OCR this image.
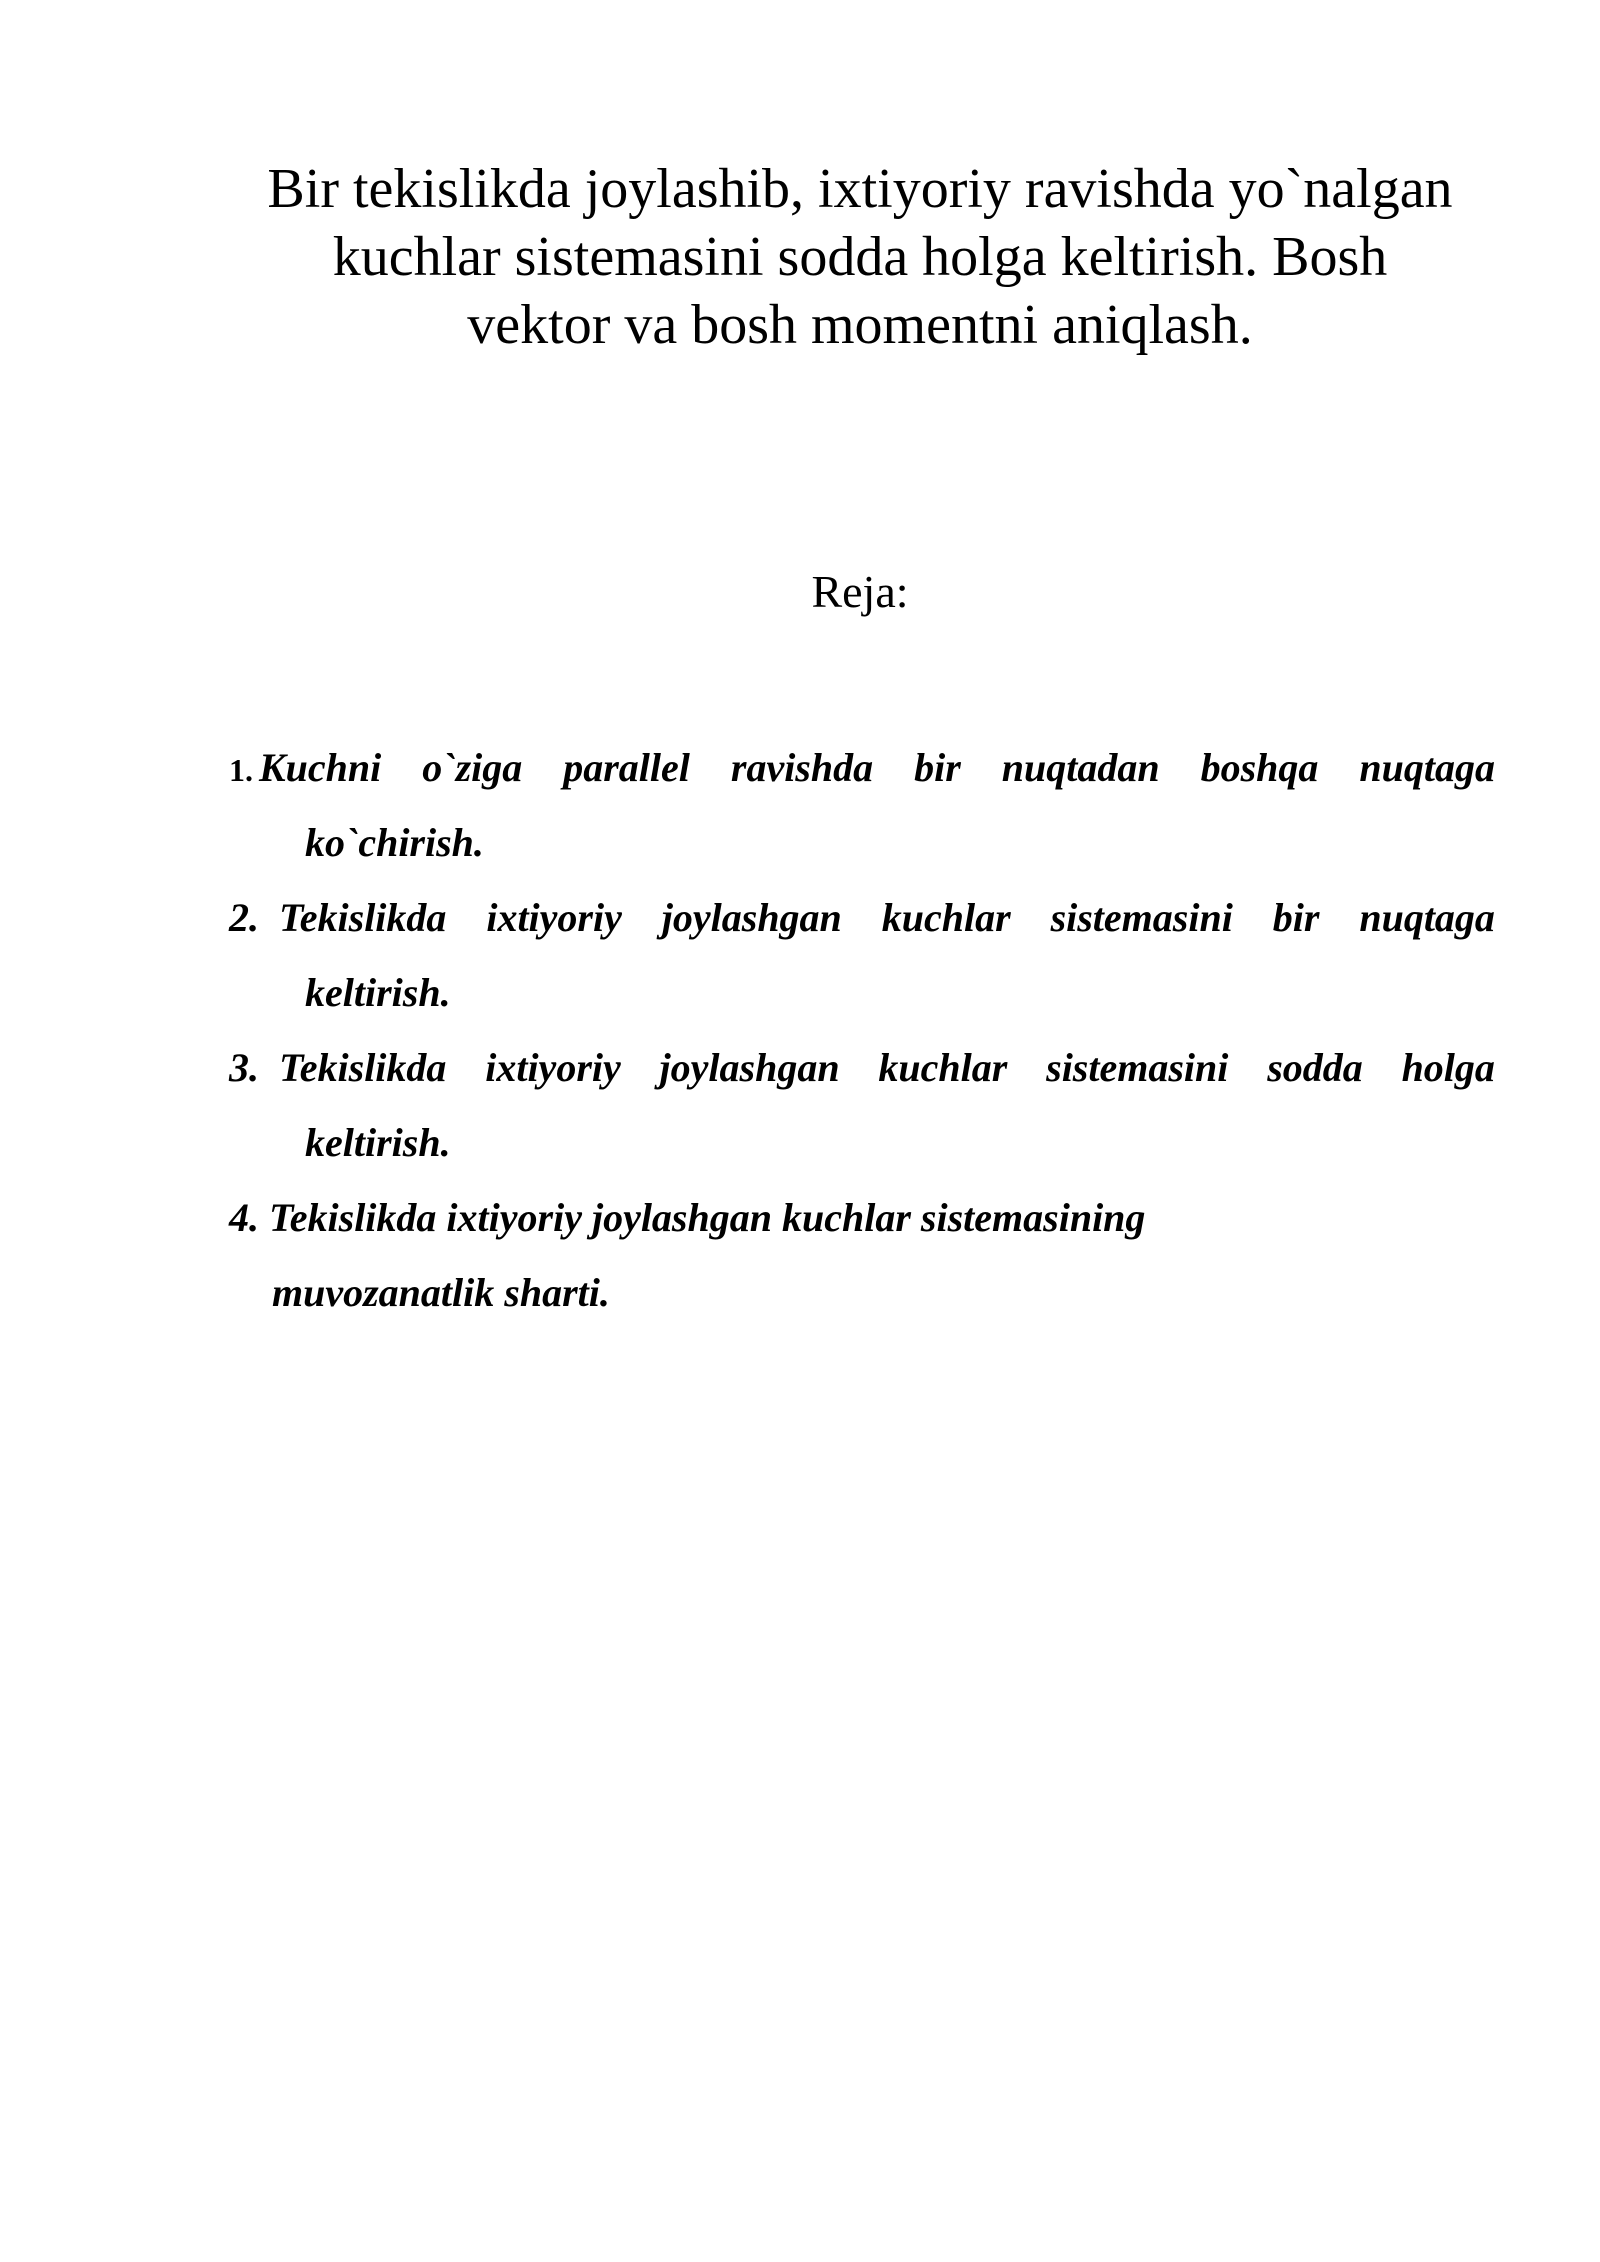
Bir tekislikda joylashib, ixtiyoriy ravishda yo`nalgan
kuchlar sistemasini sodda holga keltirish. Bosh
vektor va bosh momentni aniqlash.
Reja:
1. Kuchni o`ziga parallel ravishda bir nuqtadan boshqa nuqtaga
ko`chirish.
2. Tekislikda ixtiyoriy joylashgan kuchlar sistemasini bir nuqtaga
keltirish.
3. Tekislikda ixtiyoriy joylashgan kuchlar sistemasini sodda holga
keltirish.
4. Tekislikda ixtiyoriy joylashgan kuchlar sistemasining
muvozanatlik sharti.
